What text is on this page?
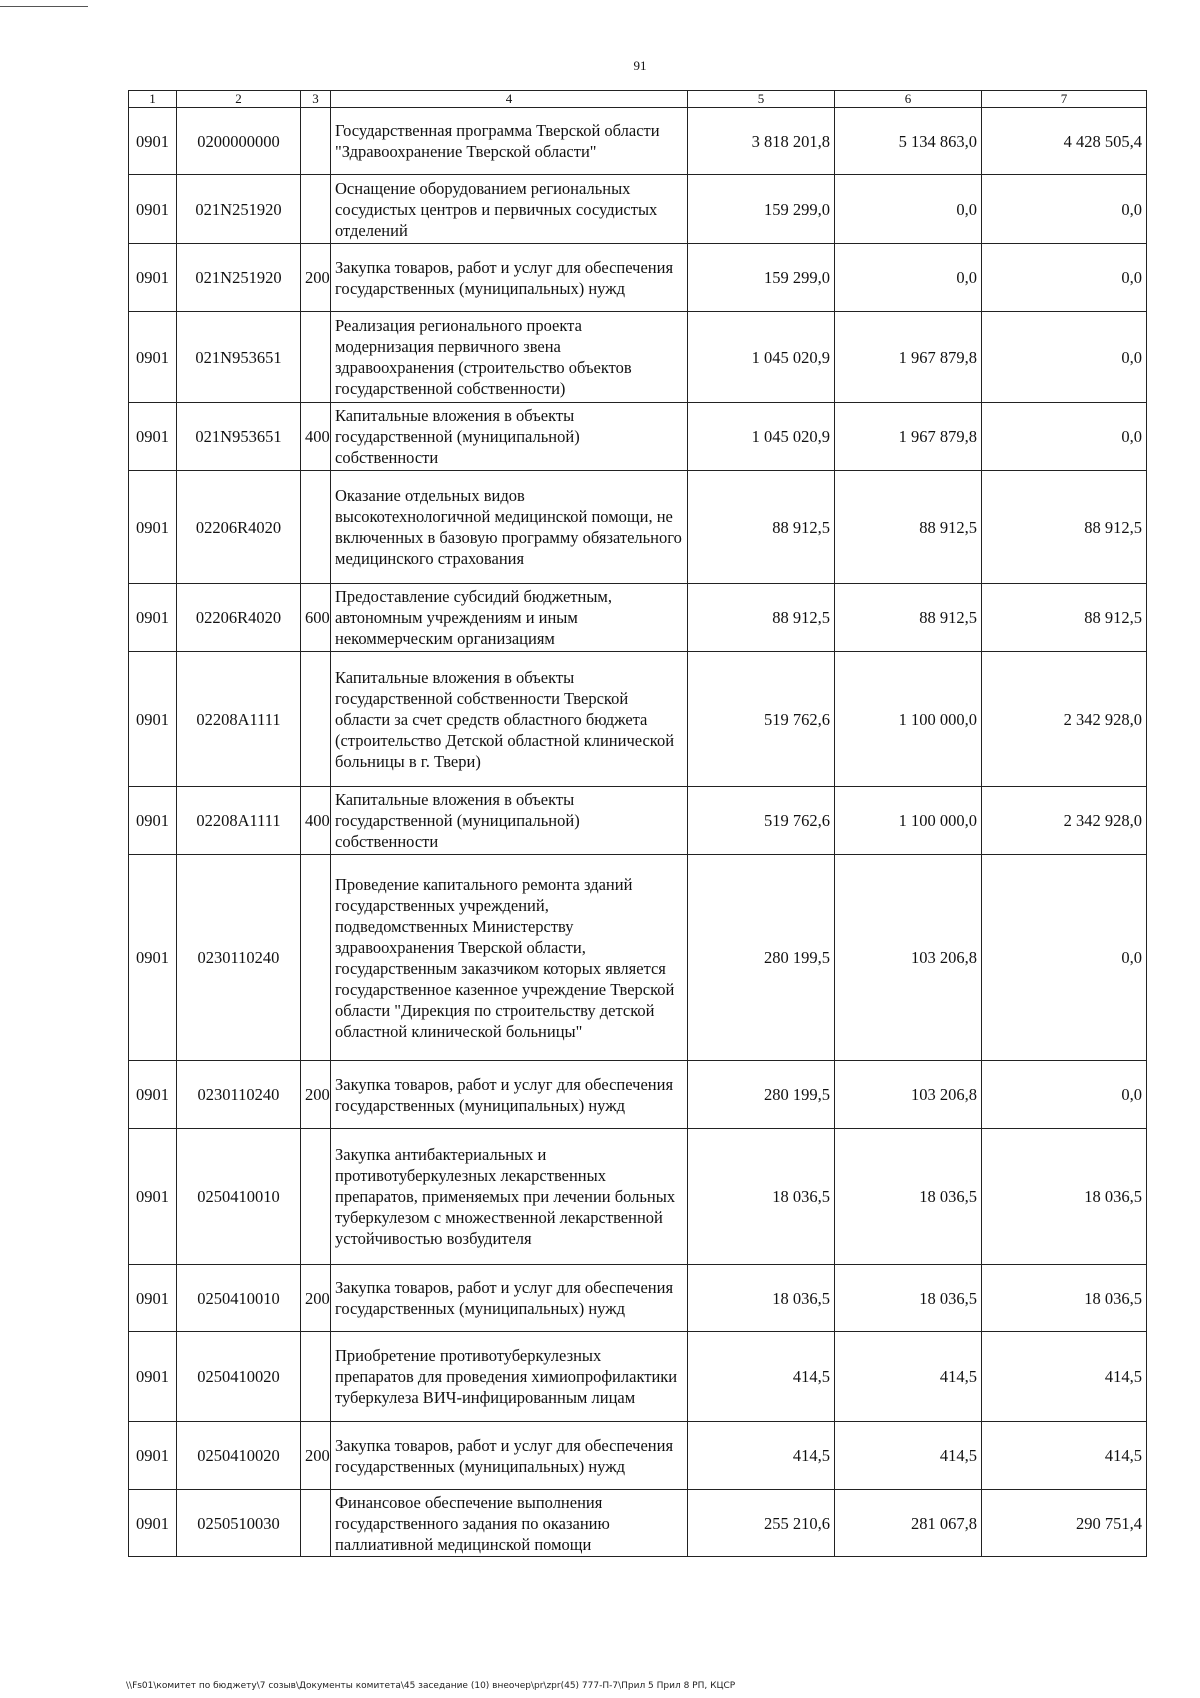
91
1	2	3	4	5	6	7
0901	0200000000		Государственная программа Тверской области "Здравоохранение Тверской области"	3 818 201,8	5 134 863,0	4 428 505,4
0901	021N251920		Оснащение оборудованием региональных сосудистых центров и первичных сосудистых отделений	159 299,0	0,0	0,0
0901	021N251920	200	Закупка товаров, работ и услуг для обеспечения государственных (муниципальных) нужд	159 299,0	0,0	0,0
0901	021N953651		Реализация регионального проекта модернизация первичного звена здравоохранения (строительство объектов государственной собственности)	1 045 020,9	1 967 879,8	0,0
0901	021N953651	400	Капитальные вложения в объекты государственной (муниципальной) собственности	1 045 020,9	1 967 879,8	0,0
0901	02206R4020		Оказание отдельных видов высокотехнологичной медицинской помощи, не включенных в базовую программу обязательного медицинского страхования	88 912,5	88 912,5	88 912,5
0901	02206R4020	600	Предоставление субсидий бюджетным, автономным учреждениям и иным некоммерческим организациям	88 912,5	88 912,5	88 912,5
0901	02208A1111		Капитальные вложения в объекты государственной собственности Тверской области за счет средств областного бюджета (строительство Детской областной клинической больницы в г. Твери)	519 762,6	1 100 000,0	2 342 928,0
0901	02208A1111	400	Капитальные вложения в объекты государственной (муниципальной) собственности	519 762,6	1 100 000,0	2 342 928,0
0901	0230110240		Проведение капитального ремонта зданий государственных учреждений, подведомственных Министерству здравоохранения Тверской области, государственным заказчиком которых является государственное казенное учреждение Тверской области "Дирекция по строительству детской областной клинической больницы"	280 199,5	103 206,8	0,0
0901	0230110240	200	Закупка товаров, работ и услуг для обеспечения государственных (муниципальных) нужд	280 199,5	103 206,8	0,0
0901	0250410010		Закупка антибактериальных и противотуберкулезных лекарственных препаратов, применяемых при лечении больных туберкулезом с множественной лекарственной устойчивостью возбудителя	18 036,5	18 036,5	18 036,5
0901	0250410010	200	Закупка товаров, работ и услуг для обеспечения государственных (муниципальных) нужд	18 036,5	18 036,5	18 036,5
0901	0250410020		Приобретение противотуберкулезных препаратов для проведения химиопрофилактики туберкулеза ВИЧ-инфицированным лицам	414,5	414,5	414,5
0901	0250410020	200	Закупка товаров, работ и услуг для обеспечения государственных (муниципальных) нужд	414,5	414,5	414,5
0901	0250510030		Финансовое обеспечение выполнения государственного задания по оказанию паллиативной медицинской помощи	255 210,6	281 067,8	290 751,4
\\Fs01\комитет по бюджету\7 созыв\Документы комитета\45 заседание (10) внеочер\pr\zpr(45) 777-П-7\Прил 5 Прил 8 РП, КЦСР
